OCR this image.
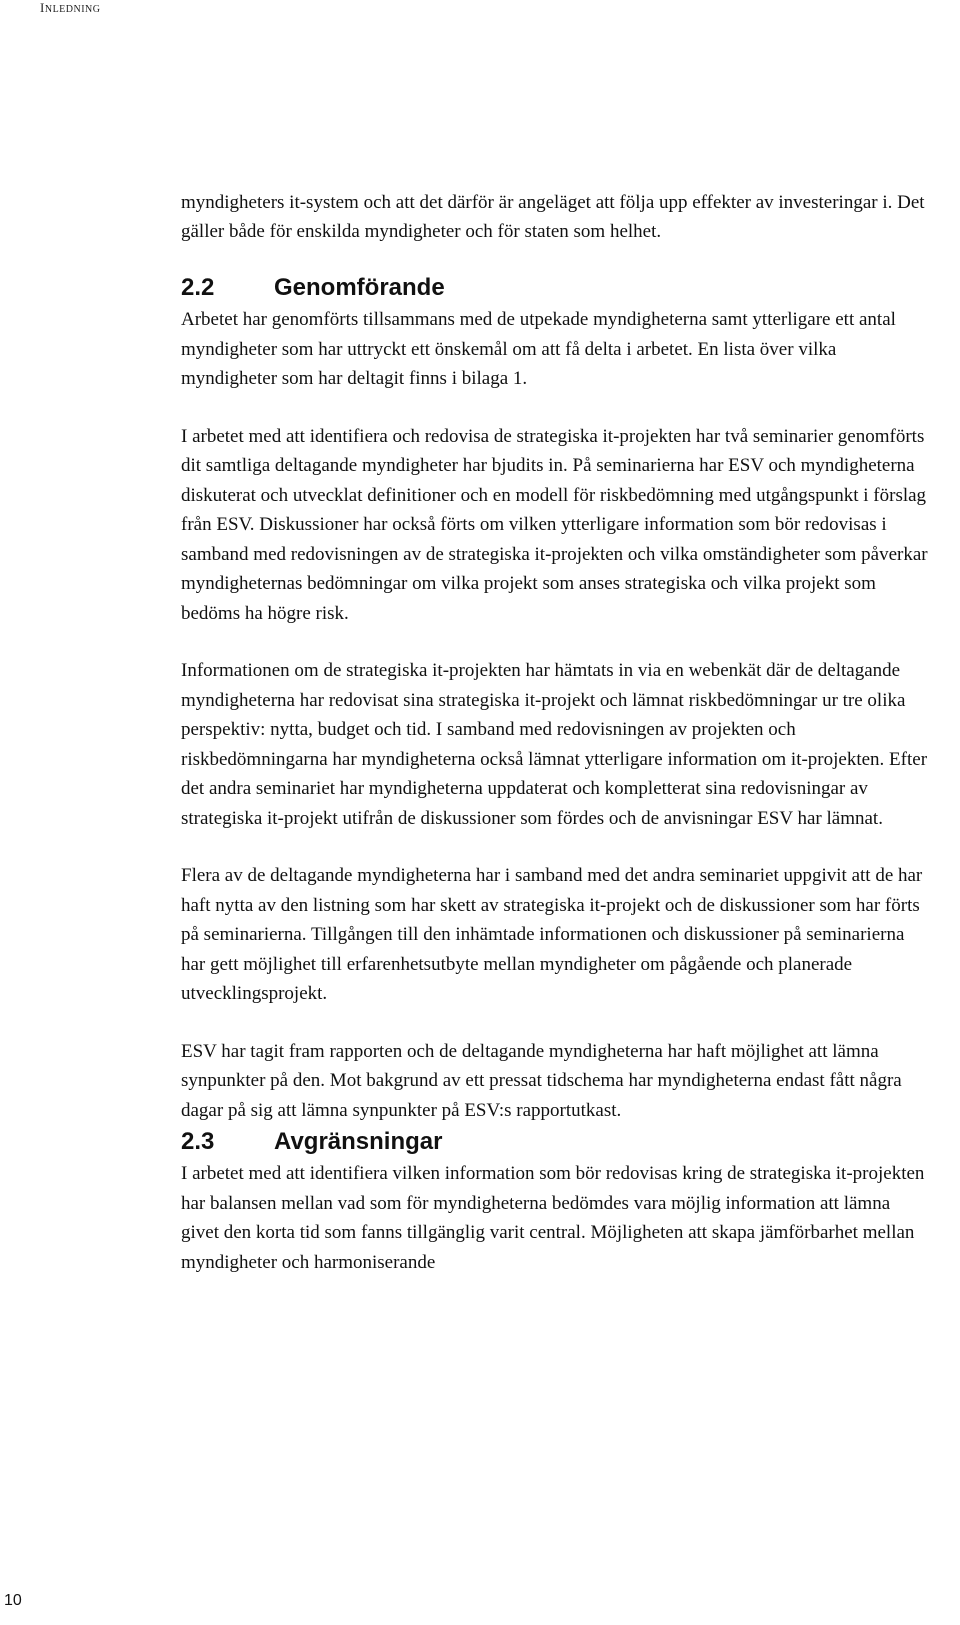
INLEDNING

myndigheters it-system och att det därför är angeläget att följa upp effekter av investeringar i. Det gäller både för enskilda myndigheter och för staten som helhet.

2.2	Genomförande

Arbetet har genomförts tillsammans med de utpekade myndigheterna samt ytterligare ett antal myndigheter som har uttryckt ett önskemål om att få delta i arbetet. En lista över vilka myndigheter som har deltagit finns i bilaga 1.

I arbetet med att identifiera och redovisa de strategiska it-projekten har två seminarier genomförts dit samtliga deltagande myndigheter har bjudits in. På seminarierna har ESV och myndigheterna diskuterat och utvecklat definitioner och en modell för riskbedömning med utgångspunkt i förslag från ESV. Diskussioner har också förts om vilken ytterligare information som bör redovisas i samband med redovisningen av de strategiska it-projekten och vilka omständigheter som påverkar myndigheternas bedömningar om vilka projekt som anses strategiska och vilka projekt som bedöms ha högre risk.

Informationen om de strategiska it-projekten har hämtats in via en webenkät där de deltagande myndigheterna har redovisat sina strategiska it-projekt och lämnat riskbedömningar ur tre olika perspektiv: nytta, budget och tid. I samband med redovisningen av projekten och riskbedömningarna har myndigheterna också lämnat ytterligare information om it-projekten. Efter det andra seminariet har myndigheterna uppdaterat och kompletterat sina redovisningar av strategiska it-projekt utifrån de diskussioner som fördes och de anvisningar ESV har lämnat.

Flera av de deltagande myndigheterna har i samband med det andra seminariet uppgivit att de har haft nytta av den listning som har skett av strategiska it-projekt och de diskussioner som har förts på seminarierna. Tillgången till den inhämtade informationen och diskussioner på seminarierna har gett möjlighet till erfarenhetsutbyte mellan myndigheter om pågående och planerade utvecklingsprojekt.

ESV har tagit fram rapporten och de deltagande myndigheterna har haft möjlighet att lämna synpunkter på den. Mot bakgrund av ett pressat tidschema har myndigheterna endast fått några dagar på sig att lämna synpunkter på ESV:s rapportutkast.

2.3	Avgränsningar

I arbetet med att identifiera vilken information som bör redovisas kring de strategiska it-projekten har balansen mellan vad som för myndigheterna bedömdes vara möjlig information att lämna givet den korta tid som fanns tillgänglig varit central. Möjligheten att skapa jämförbarhet mellan myndigheter och harmoniserande

10
